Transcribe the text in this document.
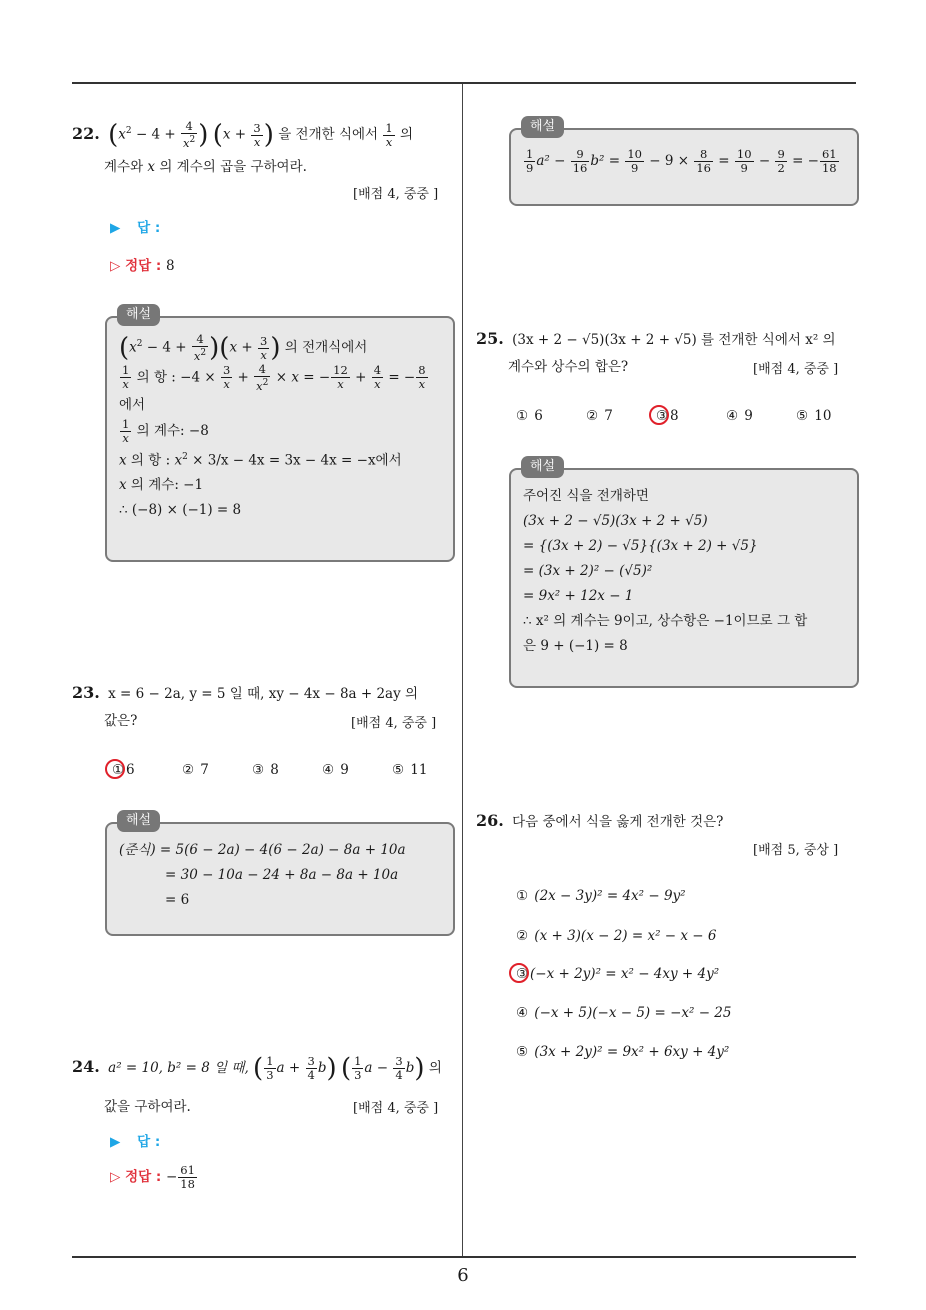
6
22. ($x^2 - 4 + \frac{4}{x^2}$ ) ($x + \frac{3}{x}$ ) 을 전개한 식에서 $\frac{1}{x}$ 의
계수와 x 의 계수의 곱을 구하여라.
[배점 4, 중중 ]
▶ 답 :
▷ 정답 : 8
해설
$(x^2 - 4 + \frac{4}{x^2} )(x + \frac{3}{x}$ ) 의 전개식에서
$\frac{1}{x}$ 의 항 : $-4 \times \frac{3}{x} + \frac{4}{x^2} \times x$ = − $\frac{12}{x} + \frac{4}{x}$ = − $\frac{8}{x}$
에서
$\frac{1}{x}$ 의 계수: −8
x 의 항 : $x^2 \times 3/x - 4x = 3x - 4x = -x$에서
x 의 계수: −1
∴ (−8) × (−1) = 8
23. x = 6 − 2a, y = 5 일 때, xy − 4x − 8a + 2ay 의
값은?	[배점 4, 중중 ]
① 6	② 7	③ 8	④ 9	⑤ 11
해설
(준식) = 5(6 − 2a) − 4(6 − 2a) − 8a + 10a
= 30 − 10a − 24 + 8a − 8a + 10a
= 6
24. a² = 10, b² = 8 일 때, ( $\frac{1}{3}$ $a + \frac{3}{4} b$) ( $\frac{1}{3}$ $a - \frac{3}{4} b$) 의
값을 구하여라.	[배점 4, 중중 ]
▶ 답 :
▷ 정답 : − $\frac{61}{18}$
해설
$\frac{1}{9} a^2 - \frac{9}{16} b^2 = \frac{10}{9} - 9 \times \frac{8}{16} = \frac{10}{9} - \frac{9}{2}$ = − $\frac{61}{18}$
25. (3x + 2 − √5)(3x + 2 + √5) 를 전개한 식에서 x² 의
계수와 상수의 합은?	[배점 4, 중중 ]
① 6	② 7	③ 8	④ 9	⑤ 10
해설
주어진 식을 전개하면
(3x + 2 − √5)(3x + 2 + √5)
= {(3x + 2) − √5}{(3x + 2) + √5}
= (3x + 2)² − (√5)²
= 9x² + 12x − 1
∴ x² 의 계수는 9이고, 상수항은 −1이므로 그 합
은 9 + (−1) = 8
26. 다음 중에서 식을 옳게 전개한 것은?
[배점 5, 중상 ]
① (2x − 3y)² = 4x² − 9y²
② (x + 3)(x − 2) = x² − x − 6
③ (−x + 2y)² = x² − 4xy + 4y²
④ (−x + 5)(−x − 5) = −x² − 25
⑤ (3x + 2y)² = 9x² + 6xy + 4y²
